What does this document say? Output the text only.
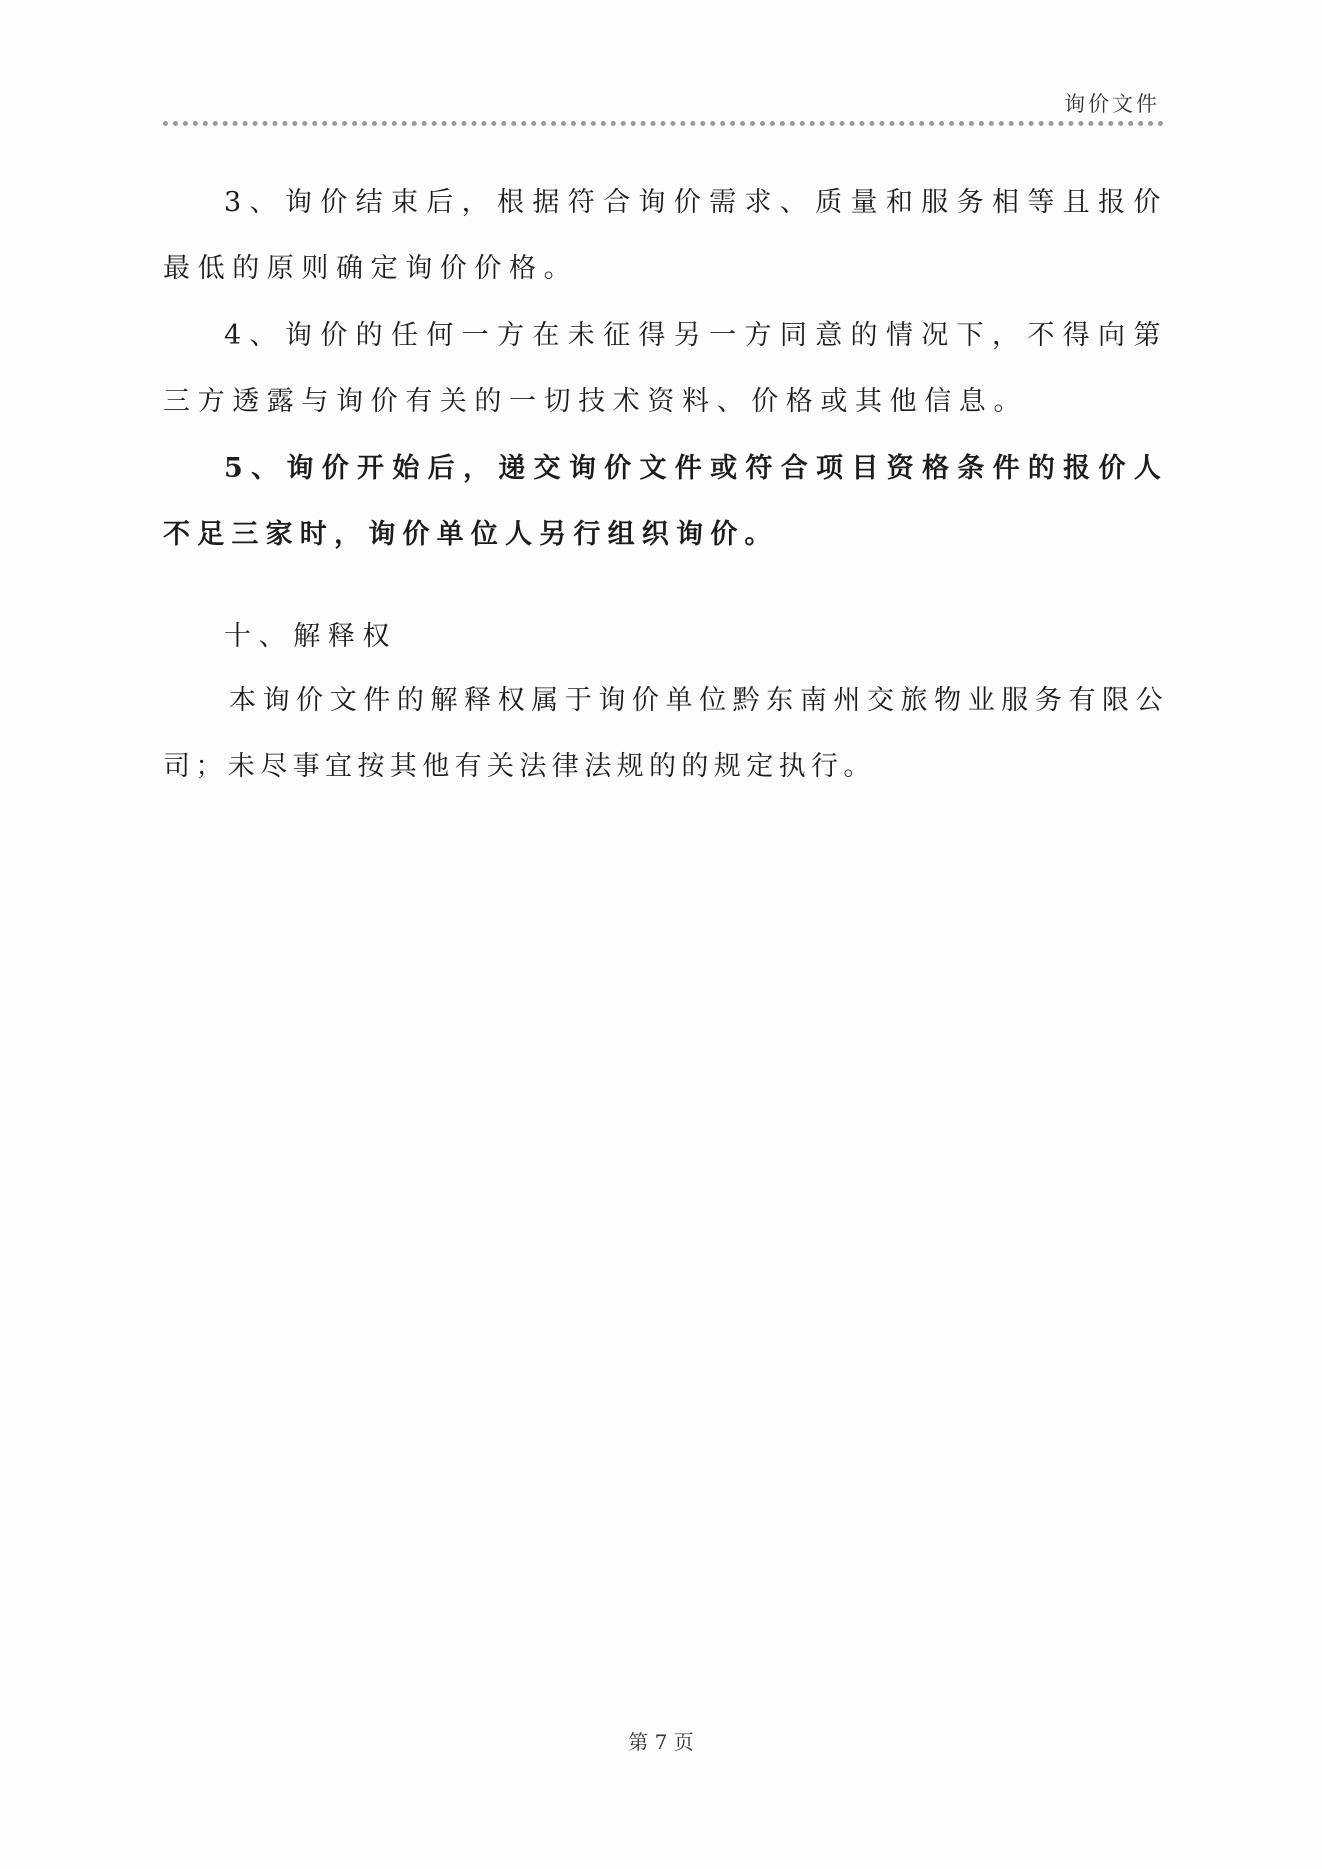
询价文件

3、询价结束后，根据符合询价需求、质量和服务相等且报价最低的原则确定询价价格。

4、询价的任何一方在未征得另一方同意的情况下，不得向第三方透露与询价有关的一切技术资料、价格或其他信息。

5、询价开始后，递交询价文件或符合项目资格条件的报价人不足三家时，询价单位人另行组织询价。

十、解释权

本询价文件的解释权属于询价单位黔东南州交旅物业服务有限公司；未尽事宜按其他有关法律法规的的规定执行。

第 7 页
